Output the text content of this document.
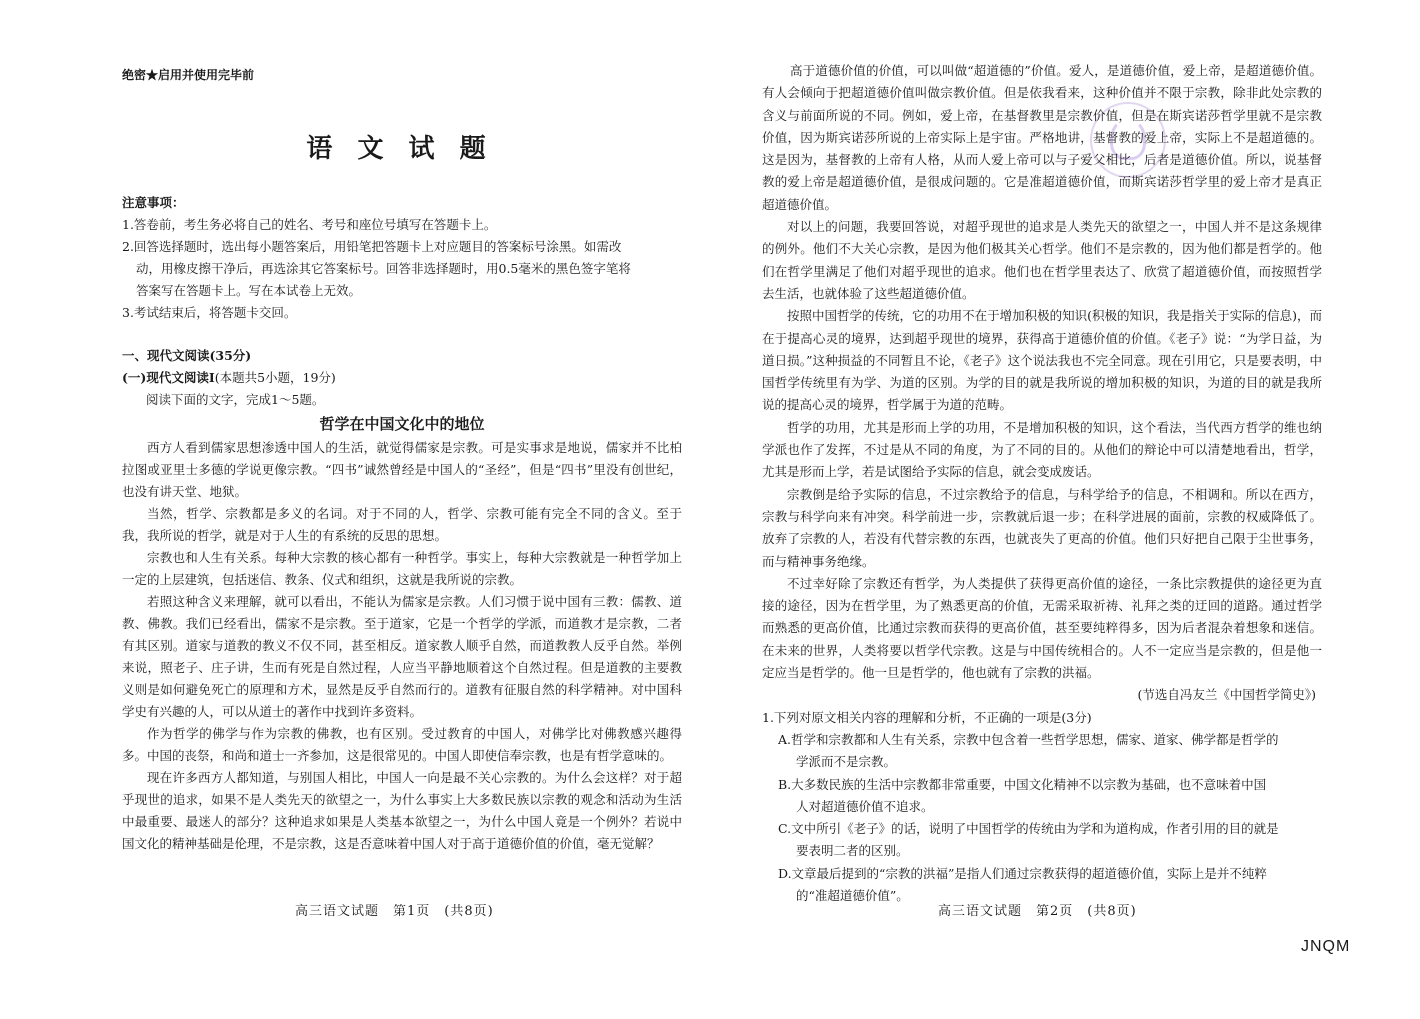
绝密★启用并使用完毕前
语 文 试 题
注意事项：
1.答卷前，考生务必将自己的姓名、考号和座位号填写在答题卡上。
2.回答选择题时，选出每小题答案后，用铅笔把答题卡上对应题目的答案标号涂黑。如需改
动，用橡皮擦干净后，再选涂其它答案标号。回答非选择题时，用0.5毫米的黑色签字笔将
答案写在答题卡上。写在本试卷上无效。
3.考试结束后，将答题卡交回。
一、现代文阅读(35分)
(一)现代文阅读Ⅰ(本题共5小题，19分)
阅读下面的文字，完成1～5题。
哲学在中国文化中的地位

西方人看到儒家思想渗透中国人的生活，就觉得儒家是宗教。可是实事求是地说，儒家并不比柏拉图或亚里士多德的学说更像宗教。“四书”诚然曾经是中国人的“圣经”，但是“四书”里没有创世纪，也没有讲天堂、地狱。

当然，哲学、宗教都是多义的名词。对于不同的人，哲学、宗教可能有完全不同的含义。至于我，我所说的哲学，就是对于人生的有系统的反思的思想。

宗教也和人生有关系。每种大宗教的核心都有一种哲学。事实上，每种大宗教就是一种哲学加上一定的上层建筑，包括迷信、教条、仪式和组织，这就是我所说的宗教。

若照这种含义来理解，就可以看出，不能认为儒家是宗教。人们习惯于说中国有三教：儒教、道教、佛教。我们已经看出，儒家不是宗教。至于道家，它是一个哲学的学派，而道教才是宗教，二者有其区别。道家与道教的教义不仅不同，甚至相反。道家教人顺乎自然，而道教教人反乎自然。举例来说，照老子、庄子讲，生而有死是自然过程，人应当平静地顺着这个自然过程。但是道教的主要教义则是如何避免死亡的原理和方术，显然是反乎自然而行的。道教有征服自然的科学精神。对中国科学史有兴趣的人，可以从道士的著作中找到许多资料。

作为哲学的佛学与作为宗教的佛教，也有区别。受过教育的中国人，对佛学比对佛教感兴趣得多。中国的丧祭，和尚和道士一齐参加，这是很常见的。中国人即使信奉宗教，也是有哲学意味的。

现在许多西方人都知道，与别国人相比，中国人一向是最不关心宗教的。为什么会这样？对于超乎现世的追求，如果不是人类先天的欲望之一，为什么事实上大多数民族以宗教的观念和活动为生活中最重要、最迷人的部分？这种追求如果是人类基本欲望之一，为什么中国人竟是一个例外？若说中国文化的精神基础是伦理，不是宗教，这是否意味着中国人对于高于道德价值的价值，毫无觉解？

高三语文试题　第1页　(共8页)

高于道德价值的价值，可以叫做“超道德的”价值。爱人，是道德价值，爱上帝，是超道德价值。有人会倾向于把超道德价值叫做宗教价值。但是依我看来，这种价值并不限于宗教，除非此处宗教的含义与前面所说的不同。例如，爱上帝，在基督教里是宗教价值，但是在斯宾诺莎哲学里就不是宗教价值，因为斯宾诺莎所说的上帝实际上是宇宙。严格地讲，基督教的爱上帝，实际上不是超道德的。这是因为，基督教的上帝有人格，从而人爱上帝可以与子爱父相比，后者是道德价值。所以，说基督教的爱上帝是超道德价值，是很成问题的。它是准超道德价值，而斯宾诺莎哲学里的爱上帝才是真正超道德价值。

对以上的问题，我要回答说，对超乎现世的追求是人类先天的欲望之一，中国人并不是这条规律的例外。他们不大关心宗教，是因为他们极其关心哲学。他们不是宗教的，因为他们都是哲学的。他们在哲学里满足了他们对超乎现世的追求。他们也在哲学里表达了、欣赏了超道德价值，而按照哲学去生活，也就体验了这些超道德价值。

按照中国哲学的传统，它的功用不在于增加积极的知识(积极的知识，我是指关于实际的信息)，而在于提高心灵的境界，达到超乎现世的境界，获得高于道德价值的价值。《老子》说：“为学日益，为道日损。”这种损益的不同暂且不论，《老子》这个说法我也不完全同意。现在引用它，只是要表明，中国哲学传统里有为学、为道的区别。为学的目的就是我所说的增加积极的知识，为道的目的就是我所说的提高心灵的境界，哲学属于为道的范畴。

哲学的功用，尤其是形而上学的功用，不是增加积极的知识，这个看法，当代西方哲学的维也纳学派也作了发挥，不过是从不同的角度，为了不同的目的。从他们的辩论中可以清楚地看出，哲学，尤其是形而上学，若是试图给予实际的信息，就会变成废话。

宗教倒是给予实际的信息，不过宗教给予的信息，与科学给予的信息，不相调和。所以在西方，宗教与科学向来有冲突。科学前进一步，宗教就后退一步；在科学进展的面前，宗教的权威降低了。放弃了宗教的人，若没有代替宗教的东西，也就丧失了更高的价值。他们只好把自己限于尘世事务，而与精神事务绝缘。

不过幸好除了宗教还有哲学，为人类提供了获得更高价值的途径，一条比宗教提供的途径更为直接的途径，因为在哲学里，为了熟悉更高的价值，无需采取祈祷、礼拜之类的迂回的道路。通过哲学而熟悉的更高价值，比通过宗教而获得的更高价值，甚至要纯粹得多，因为后者混杂着想象和迷信。在未来的世界，人类将要以哲学代宗教。这是与中国传统相合的。人不一定应当是宗教的，但是他一定应当是哲学的。他一旦是哲学的，他也就有了宗教的洪福。

(节选自冯友兰《中国哲学简史》)
1.下列对原文相关内容的理解和分析，不正确的一项是(3分)
A.哲学和宗教都和人生有关系，宗教中包含着一些哲学思想，儒家、道家、佛学都是哲学的
学派而不是宗教。
B.大多数民族的生活中宗教都非常重要，中国文化精神不以宗教为基础，也不意味着中国
人对超道德价值不追求。
C.文中所引《老子》的话，说明了中国哲学的传统由为学和为道构成，作者引用的目的就是
要表明二者的区别。
D.文章最后提到的“宗教的洪福”是指人们通过宗教获得的超道德价值，实际上是并不纯粹
的“准超道德价值”。
高三语文试题　第2页　(共8页)
JNQM
